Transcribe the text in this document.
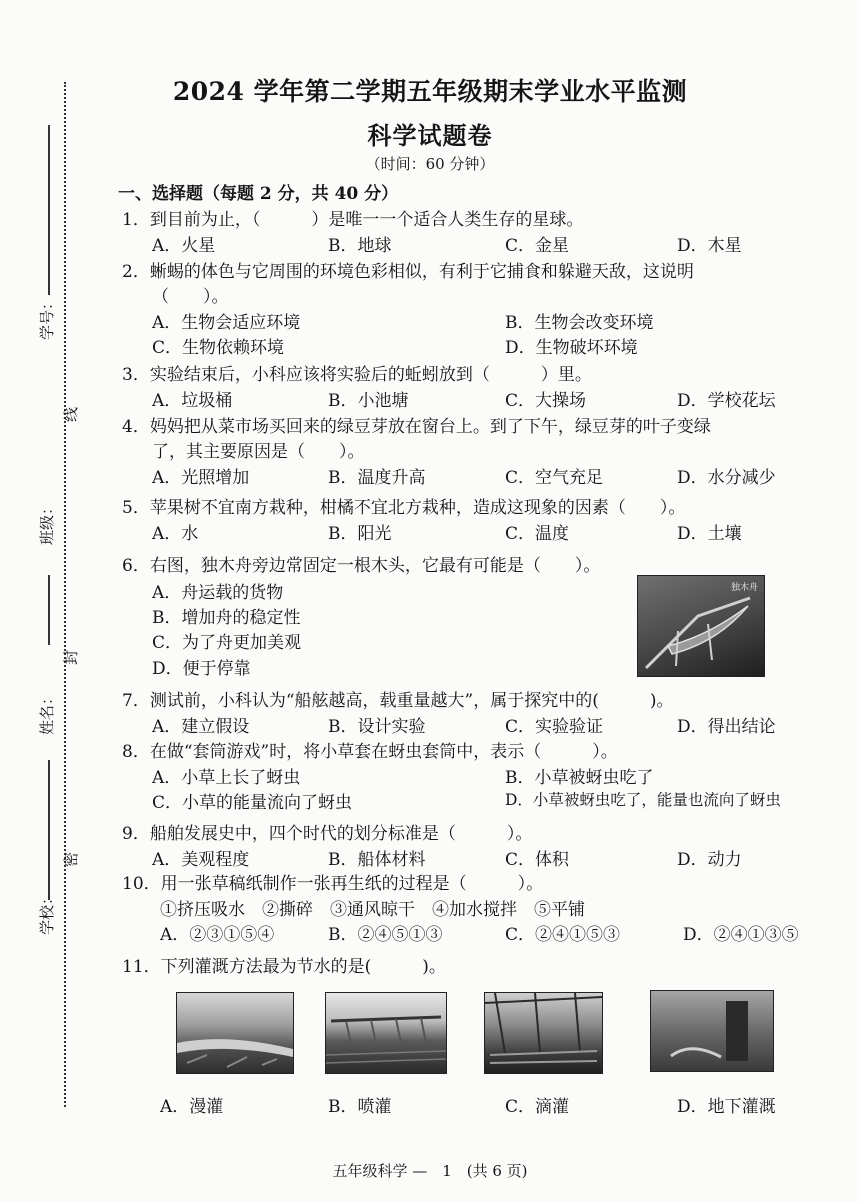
学号：
线
班级：
封
姓名：
密
学校：
2024 学年第二学期五年级期末学业水平监测
科学试题卷
（时间：60 分钟）
一、选择题（每题 2 分，共 40 分）
1．到目前为止，（　　　）是唯一一个适合人类生存的星球。
A．火星	B．地球	C．金星	D．木星
2．蜥蜴的体色与它周围的环境色彩相似，有利于它捕食和躲避天敌，这说明
（　　）。
A．生物会适应环境	B．生物会改变环境
C．生物依赖环境	D．生物破坏环境
3．实验结束后，小科应该将实验后的蚯蚓放到（　　　）里。
A．垃圾桶	B．小池塘	C．大操场	D．学校花坛
4．妈妈把从菜市场买回来的绿豆芽放在窗台上。到了下午，绿豆芽的叶子变绿
了，其主要原因是（　　）。
A．光照增加	B．温度升高	C．空气充足	D．水分减少
5．苹果树不宜南方栽种，柑橘不宜北方栽种，造成这现象的因素（　　）。
A．水	B．阳光	C．温度	D．土壤
6．右图，独木舟旁边常固定一根木头，它最有可能是（　　）。
A．舟运载的货物
B．增加舟的稳定性
C．为了舟更加美观
D．便于停靠
独木舟
7．测试前，小科认为“船舷越高，载重量越大”，属于探究中的(　　　)。
A．建立假设	B．设计实验	C．实验验证	D．得出结论
8．在做“套筒游戏”时，将小草套在蚜虫套筒中，表示（　　　）。
A．小草上长了蚜虫	B．小草被蚜虫吃了
C．小草的能量流向了蚜虫	D．小草被蚜虫吃了，能量也流向了蚜虫
9．船舶发展史中，四个时代的划分标准是（　　　）。
A．美观程度	B．船体材料	C．体积	D．动力
10．用一张草稿纸制作一张再生纸的过程是（　　　）。
①挤压吸水　②撕碎　③通风晾干　④加水搅拌　⑤平铺
A．②③①⑤④	B．②④⑤①③	C．②④①⑤③	D．②④①③⑤
11．下列灌溉方法最为节水的是(　　　)。
A．漫灌	B．喷灌	C．滴灌	D．地下灌溉
五年级科学 —　1　(共 6 页)
